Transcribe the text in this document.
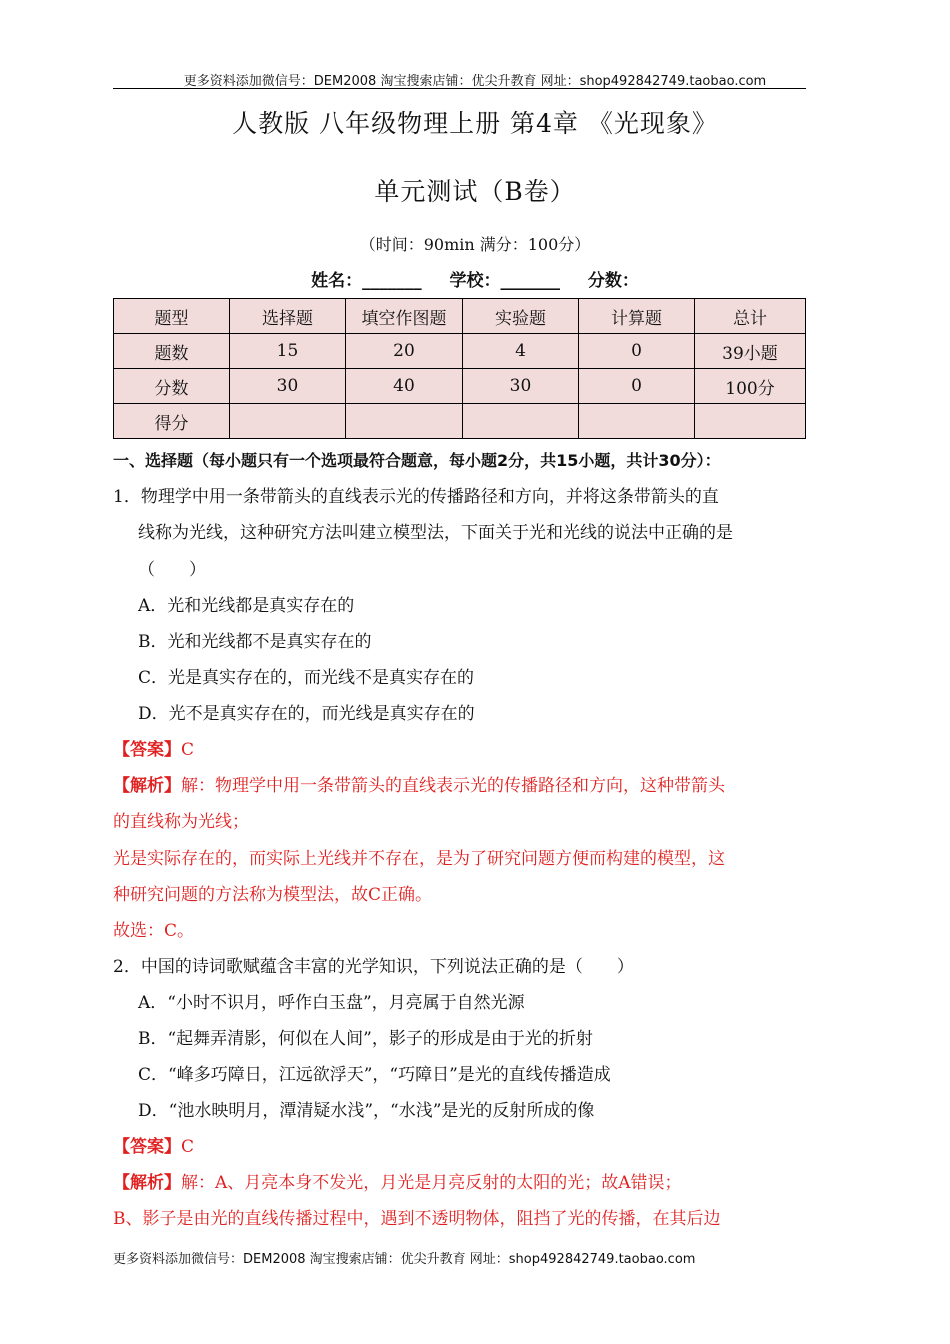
更多资料添加微信号：DEM2008 淘宝搜索店铺：优尖升教育 网址：shop492842749.taobao.com
人教版 八年级物理上册 第4章 《光现象》
单元测试（B卷）
（时间：90min 满分：100分）
姓名：_______ 学校：_______ 分数：
题型	选择题	填空作图题	实验题	计算题	总计
题数	15	20	4	0	39小题
分数	30	40	30	0	100分
得分					
一、选择题（每小题只有一个选项最符合题意，每小题2分，共15小题，共计30分）：
1．物理学中用一条带箭头的直线表示光的传播路径和方向，并将这条带箭头的直
线称为光线，这种研究方法叫建立模型法，下面关于光和光线的说法中正确的是
（　　）
A．光和光线都是真实存在的
B．光和光线都不是真实存在的
C．光是真实存在的，而光线不是真实存在的
D．光不是真实存在的，而光线是真实存在的
【答案】C
【解析】解：物理学中用一条带箭头的直线表示光的传播路径和方向，这种带箭头
的直线称为光线；
光是实际存在的，而实际上光线并不存在，是为了研究问题方便而构建的模型，这
种研究问题的方法称为模型法，故C正确。
故选：C。
2．中国的诗词歌赋蕴含丰富的光学知识，下列说法正确的是（　　）
A．“小时不识月，呼作白玉盘”，月亮属于自然光源
B．“起舞弄清影，何似在人间”，影子的形成是由于光的折射
C．“峰多巧障日，江远欲浮天”，“巧障日”是光的直线传播造成
D．“池水映明月，潭清疑水浅”，“水浅”是光的反射所成的像
【答案】C
【解析】解：A、月亮本身不发光，月光是月亮反射的太阳的光；故A错误；
B、影子是由光的直线传播过程中，遇到不透明物体，阻挡了光的传播，在其后边
更多资料添加微信号：DEM2008 淘宝搜索店铺：优尖升教育 网址：shop492842749.taobao.com
